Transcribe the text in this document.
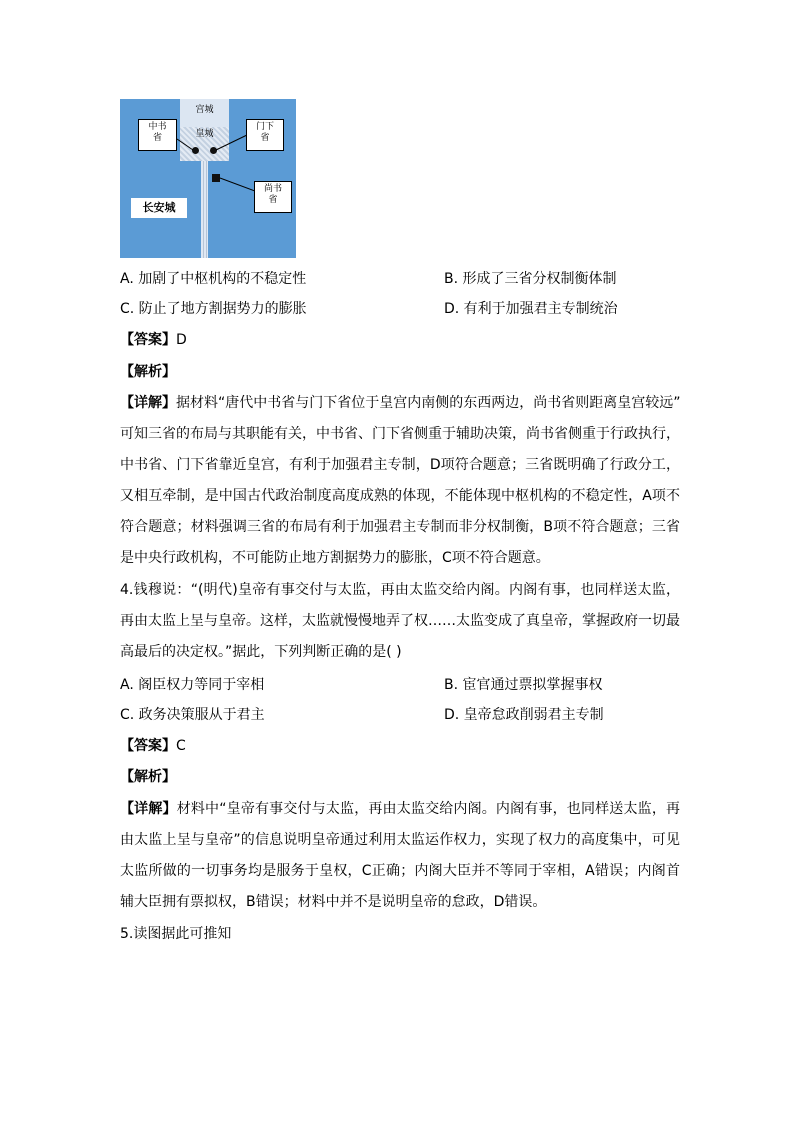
宫城
皇城
中书
省
门下
省
尚书
省
长安城
A. 加剧了中枢机构的不稳定性	B. 形成了三省分权制衡体制
C. 防止了地方割据势力的膨胀	D. 有利于加强君主专制统治
【答案】D
【解析】
【详解】据材料“唐代中书省与门下省位于皇宫内南侧的东西两边，尚书省则距离皇宫较远”
可知三省的布局与其职能有关，中书省、门下省侧重于辅助决策，尚书省侧重于行政执行，
中书省、门下省靠近皇宫，有利于加强君主专制，D项符合题意；三省既明确了行政分工，
又相互牵制，是中国古代政治制度高度成熟的体现，不能体现中枢机构的不稳定性，A项不
符合题意；材料强调三省的布局有利于加强君主专制而非分权制衡，B项不符合题意；三省
是中央行政机构，不可能防止地方割据势力的膨胀，C项不符合题意。
4.钱穆说：“(明代)皇帝有事交付与太监，再由太监交给内阁。内阁有事，也同样送太监，
再由太监上呈与皇帝。这样，太监就慢慢地弄了权……太监变成了真皇帝，掌握政府一切最
高最后的决定权。”据此，下列判断正确的是( )
A. 阁臣权力等同于宰相	B. 宦官通过票拟掌握事权
C. 政务决策服从于君主	D. 皇帝怠政削弱君主专制
【答案】C
【解析】
【详解】材料中“皇帝有事交付与太监，再由太监交给内阁。内阁有事，也同样送太监，再
由太监上呈与皇帝”的信息说明皇帝通过利用太监运作权力，实现了权力的高度集中，可见
太监所做的一切事务均是服务于皇权，C正确；内阁大臣并不等同于宰相，A错误；内阁首
辅大臣拥有票拟权，B错误；材料中并不是说明皇帝的怠政，D错误。
5.读图据此可推知
